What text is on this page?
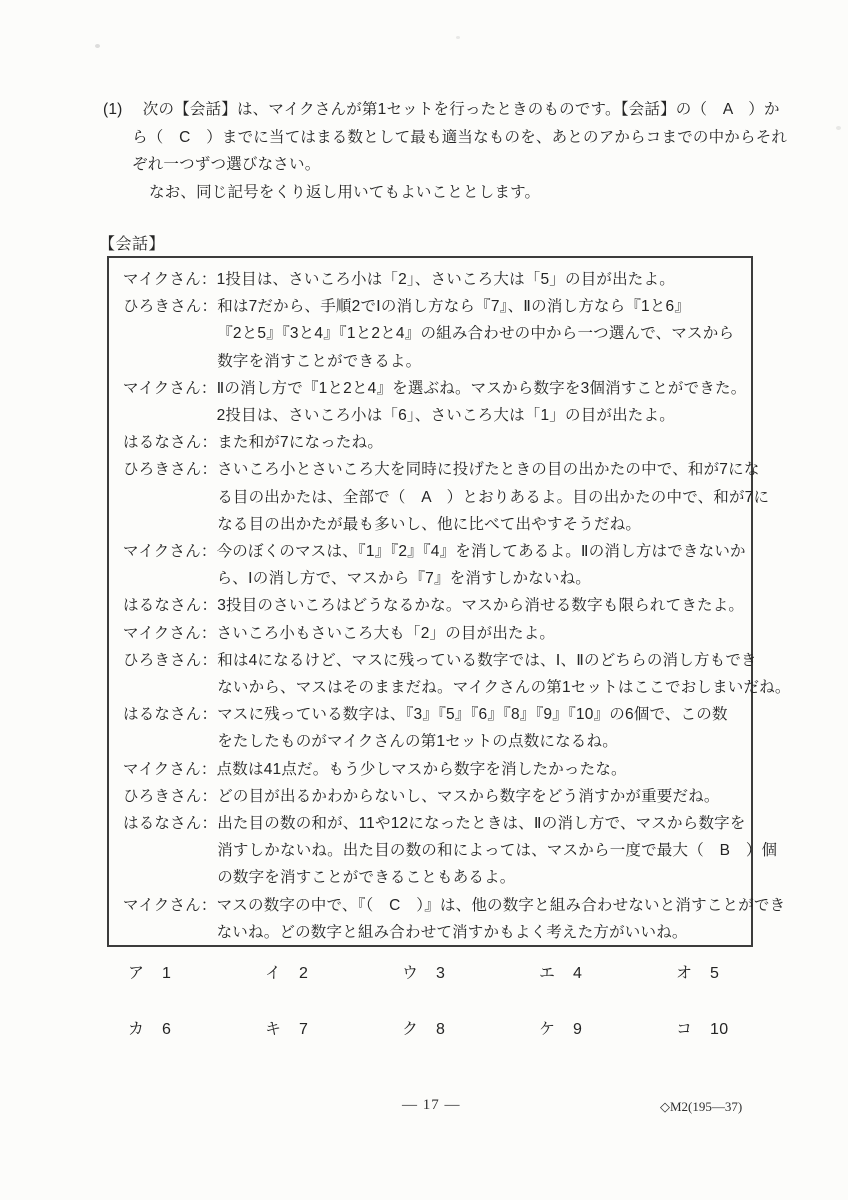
(1)　 次の【会話】は、マイクさんが第1セットを行ったときのものです。【会話】の（　A　）か
ら（　C　）までに当てはまる数として最も適当なものを、あとのアからコまでの中からそれ
ぞれ一つずつ選びなさい。
なお、同じ記号をくり返し用いてもよいこととします。
【会話】
マイクさん： 1投目は、さいころ小は「2」、さいころ大は「5」の目が出たよ。
ひろきさん： 和は7だから、手順2でⅠの消し方なら『7』、Ⅱの消し方なら『1と6』
『2と5』『3と4』『1と2と4』の組み合わせの中から一つ選んで、マスから
数字を消すことができるよ。
マイクさん： Ⅱの消し方で『1と2と4』を選ぶね。マスから数字を3個消すことができた。
2投目は、さいころ小は「6」、さいころ大は「1」の目が出たよ。
はるなさん： また和が7になったね。
ひろきさん： さいころ小とさいころ大を同時に投げたときの目の出かたの中で、和が7にな
る目の出かたは、全部で（　A　）とおりあるよ。目の出かたの中で、和が7に
なる目の出かたが最も多いし、他に比べて出やすそうだね。
マイクさん： 今のぼくのマスは、『1』『2』『4』を消してあるよ。Ⅱの消し方はできないか
ら、Ⅰの消し方で、マスから『7』を消すしかないね。
はるなさん： 3投目のさいころはどうなるかな。マスから消せる数字も限られてきたよ。
マイクさん： さいころ小もさいころ大も「2」の目が出たよ。
ひろきさん： 和は4になるけど、マスに残っている数字では、Ⅰ、Ⅱのどちらの消し方もでき
ないから、マスはそのままだね。マイクさんの第1セットはここでおしまいだね。
はるなさん： マスに残っている数字は、『3』『5』『6』『8』『9』『10』の6個で、この数
をたしたものがマイクさんの第1セットの点数になるね。
マイクさん： 点数は41点だ。もう少しマスから数字を消したかったな。
ひろきさん： どの目が出るかわからないし、マスから数字をどう消すかが重要だね。
はるなさん： 出た目の数の和が、11や12になったときは、Ⅱの消し方で、マスから数字を
消すしかないね。出た目の数の和によっては、マスから一度で最大（　B　）個
の数字を消すことができることもあるよ。
マイクさん： マスの数字の中で、『（　C　）』は、他の数字と組み合わせないと消すことができ
ないね。どの数字と組み合わせて消すかもよく考えた方がいいね。
ア	1	イ	2	ウ	3	エ	4	オ	5
カ	6	キ	7	ク	8	ケ	9	コ	10
— 17 —	◇M2(195—37)
